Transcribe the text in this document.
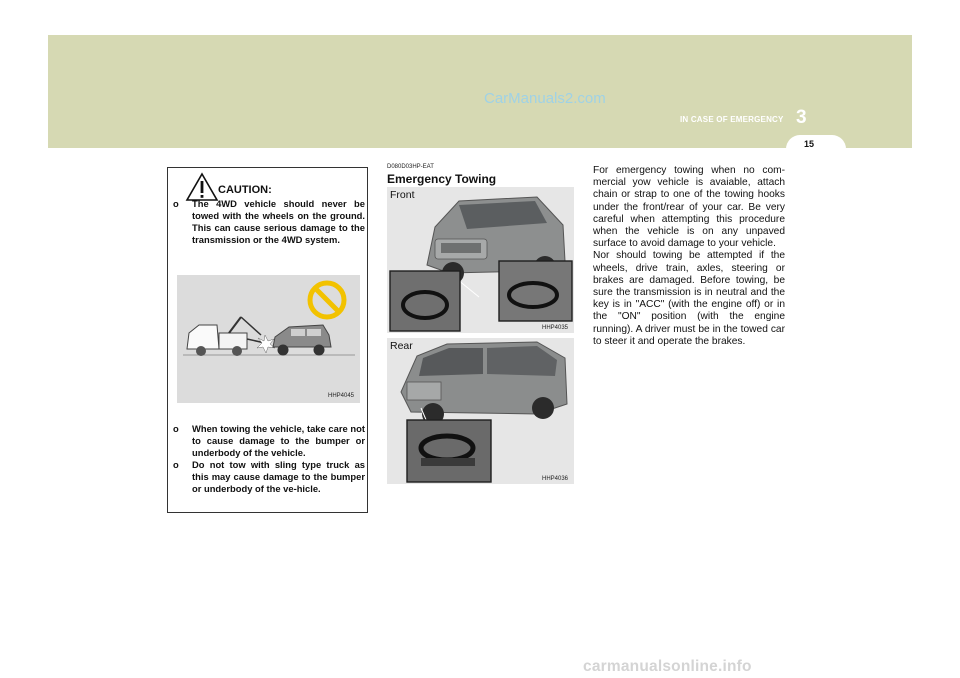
CarManuals2.com
IN CASE OF EMERGENCY 3
15
CAUTION:

o The 4WD vehicle should never be towed with the wheels on the ground. This can cause serious damage to the transmission or the 4WD system.

HHP4045

o When towing the vehicle, take care not to cause damage to the bumper or underbody of the vehicle.

o Do not tow with sling type truck as this may cause damage to the bumper or underbody of the ve-hicle.

D080D03HP-EAT
Emergency Towing
Front
HHP4035
Rear
HHP4036

For emergency towing when no com-mercial yow vehicle is avaiable, attach chain or strap to one of the towing hooks under the front/rear of your car. Be very careful when attempting this procedure when the vehicle is on any unpaved surface to avoid damage to your vehicle.

Nor should towing be attempted if the wheels, drive train, axles, steering or brakes are damaged. Before towing, be sure the transmission is in neutral and the key is in "ACC" (with the engine off) or in the "ON" position (with the engine running). A driver must be in the towed car to steer it and operate the brakes.

carmanualsonline.info
